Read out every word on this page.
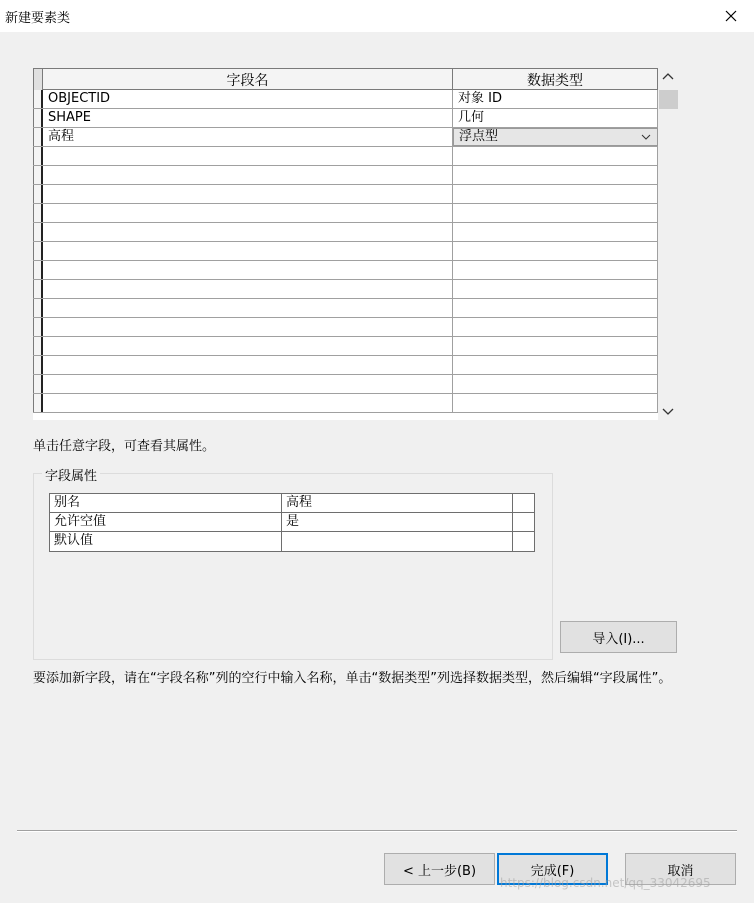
新建要素类
字段名	数据类型
OBJECTID	对象 ID
SHAPE	几何
高程	浮点型
单击任意字段，可查看其属性。
字段属性
别名	高程
允许空值	是
默认值
导入(I)...
要添加新字段，请在“字段名称”列的空行中输入名称，单击“数据类型”列选择数据类型，然后编辑“字段属性”。
< 上一步(B)	完成(F)	取消
https://blog.csdn.net/qq_33042695
